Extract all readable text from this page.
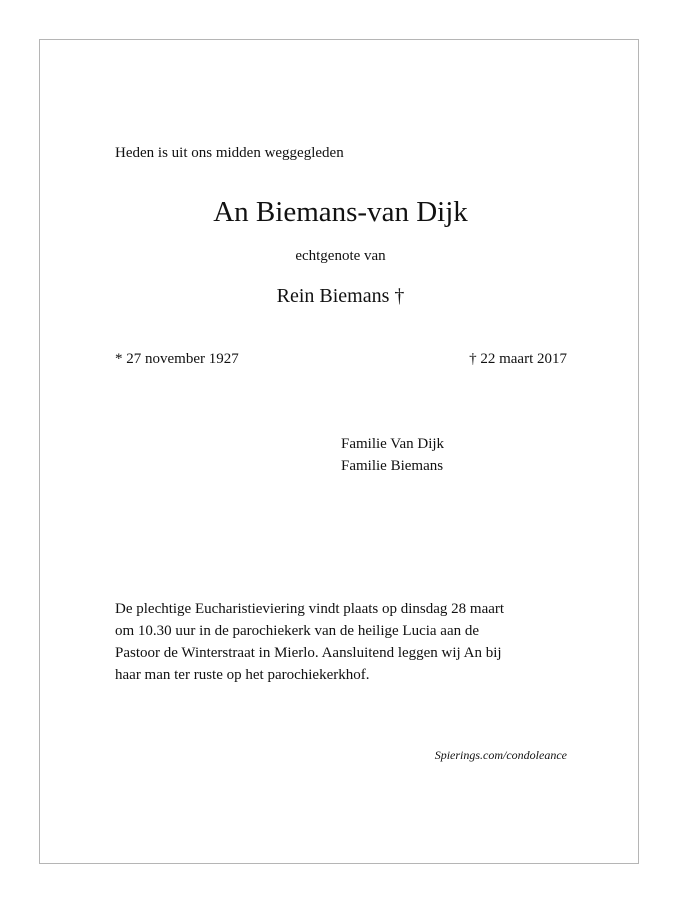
Heden is uit ons midden weggegleden
An Biemans-van Dijk
echtgenote van
Rein Biemans †
* 27 november 1927	† 22 maart 2017
Familie Van Dijk
Familie Biemans
De plechtige Eucharistieviering vindt plaats op dinsdag 28 maart
om 10.30 uur in de parochiekerk van de heilige Lucia aan de
Pastoor de Winterstraat in Mierlo. Aansluitend leggen wij An bij
haar man ter ruste op het parochiekerkhof.
Spierings.com/condoleance
